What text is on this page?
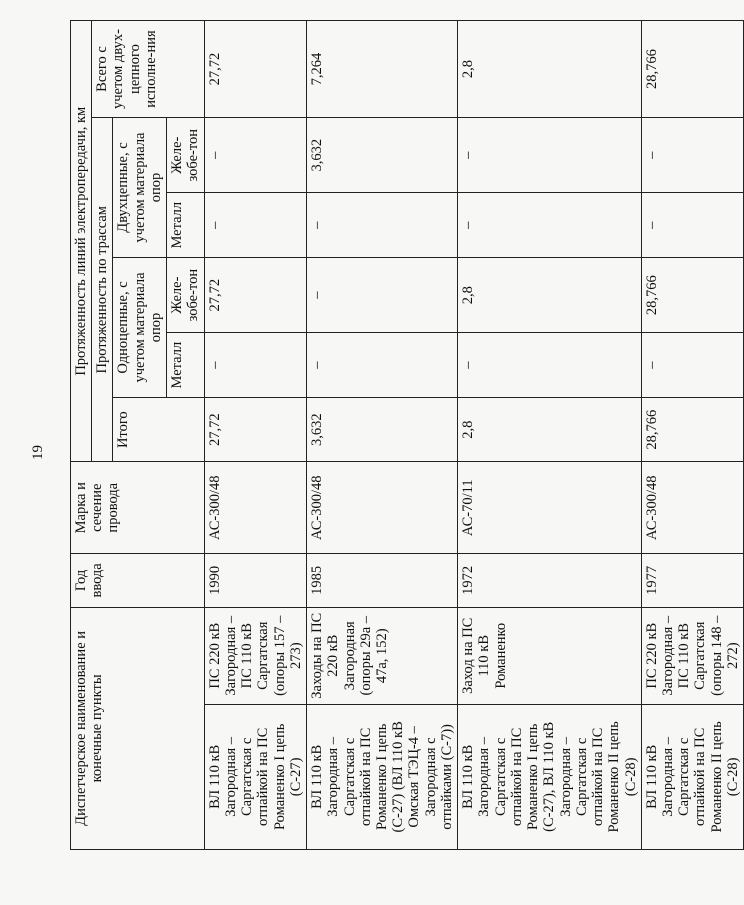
19
Диспетчерское наименование и конечные пункты		Год ввода	Марка и сечение провода	Протяженность линий электропередачи, км					
				Протяженность по трассам					Всего с учетом двух-цепного исполне-ния
				Итого	Одноцепные, с учетом материала опор		Двухцепные, с учетом материала опор		
					Металл	Желе-зобе-тон	Металл	Желе-зобе-тон	
ВЛ 110 кВ Загородная – Саргатская с отпайкой на ПС Романенко I цепь (С-27)	ПС 220 кВ Загородная – ПС 110 кВ Саргатская (опоры 157 – 273)	1990	АС-300/48	27,72	–	27,72	–	–	27,72
ВЛ 110 кВ Загородная – Саргатская с отпайкой на ПС Романенко I цепь (С-27) (ВЛ 110 кВ Омская ТЭЦ-4 – Загородная с отпайками (С-7))	Заходы на ПС 220 кВ Загородная (опоры 29а – 47а, 152)	1985	АС-300/48	3,632	–	–	–	3,632	7,264
ВЛ 110 кВ Загородная – Саргатская с отпайкой на ПС Романенко I цепь (С-27), ВЛ 110 кВ Загородная – Саргатская с отпайкой на ПС Романенко II цепь (С-28)	Заход на ПС 110 кВ Романенко	1972	АС-70/11	2,8	–	2,8	–	–	2,8
ВЛ 110 кВ Загородная – Саргатская с отпайкой на ПС Романенко II цепь (С-28)	ПС 220 кВ Загородная – ПС 110 кВ Саргатская (опоры 148 – 272)	1977	АС-300/48	28,766	–	28,766	–	–	28,766
